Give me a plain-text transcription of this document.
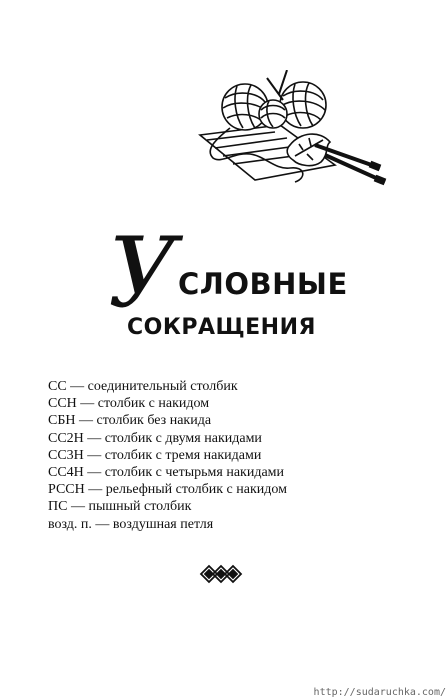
У СЛОВНЫЕ
СОКРАЩЕНИЯ
СС — соединительный столбик
ССН — столбик с накидом
СБН — столбик без накида
СС2Н — столбик с двумя накидами
СС3Н — столбик с тремя накидами
СС4Н — столбик с четырьмя накидами
РССН — рельефный столбик с накидом
ПС — пышный столбик
возд. п. — воздушная петля
http://sudaruchka.com/
